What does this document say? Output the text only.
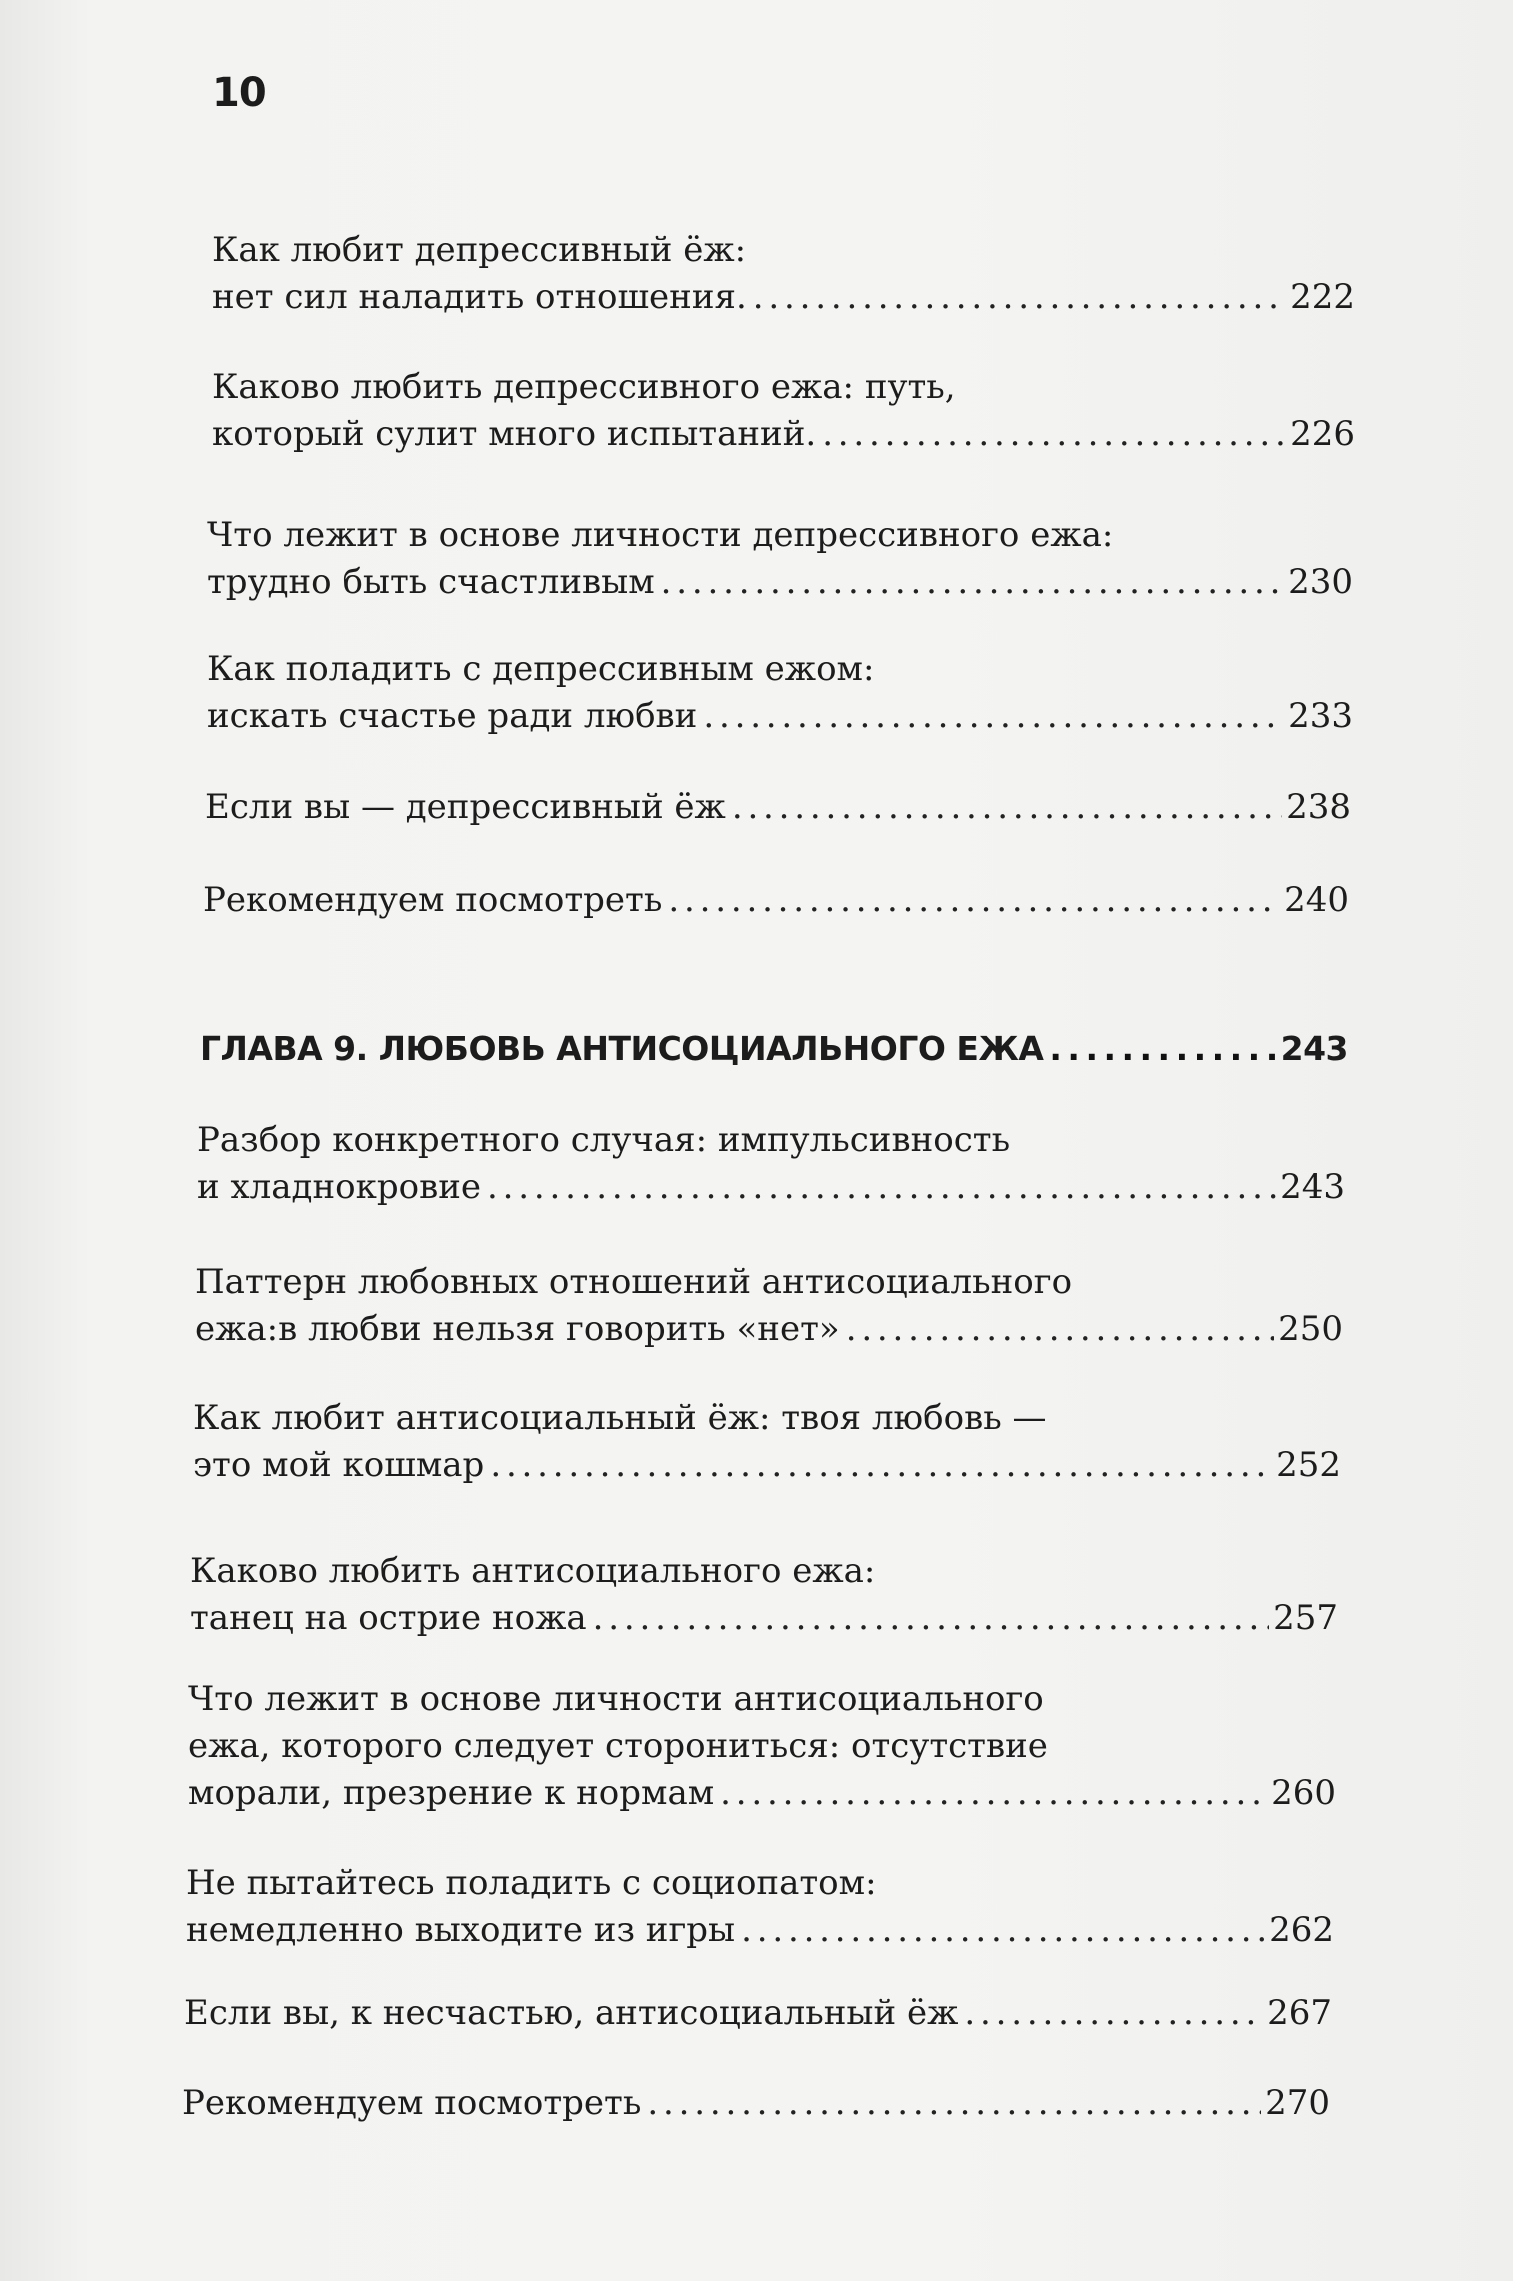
10
Как любит депрессивный ёж:
нет сил наладить отношения. . . .	222
Каково любить депрессивного ежа: путь,
который сулит много испытаний. . . .	226
Что лежит в основе личности депрессивного ежа:
трудно быть счастливым . . .	230
Как поладить с депрессивным ежом:
искать счастье ради любви . . .	233
Если вы — депрессивный ёж . . .	238
Рекомендуем посмотреть . . .	240
ГЛАВА 9. ЛЮБОВЬ АНТИСОЦИАЛЬНОГО ЕЖА . . .	243
Разбор конкретного случая: импульсивность
и хладнокровие . . .	243
Паттерн любовных отношений антисоциального
ежа:в любви нельзя говорить «нет» . . .	250
Как любит антисоциальный ёж: твоя любовь —
это мой кошмар . . .	252
Каково любить антисоциального ежа:
танец на острие ножа . . .	257
Что лежит в основе личности антисоциального
ежа, которого следует сторониться: отсутствие
морали, презрение к нормам . . .	260
Не пытайтесь поладить с социопатом:
немедленно выходите из игры . . .	262
Если вы, к несчастью, антисоциальный ёж . . .	267
Рекомендуем посмотреть . . .	270
